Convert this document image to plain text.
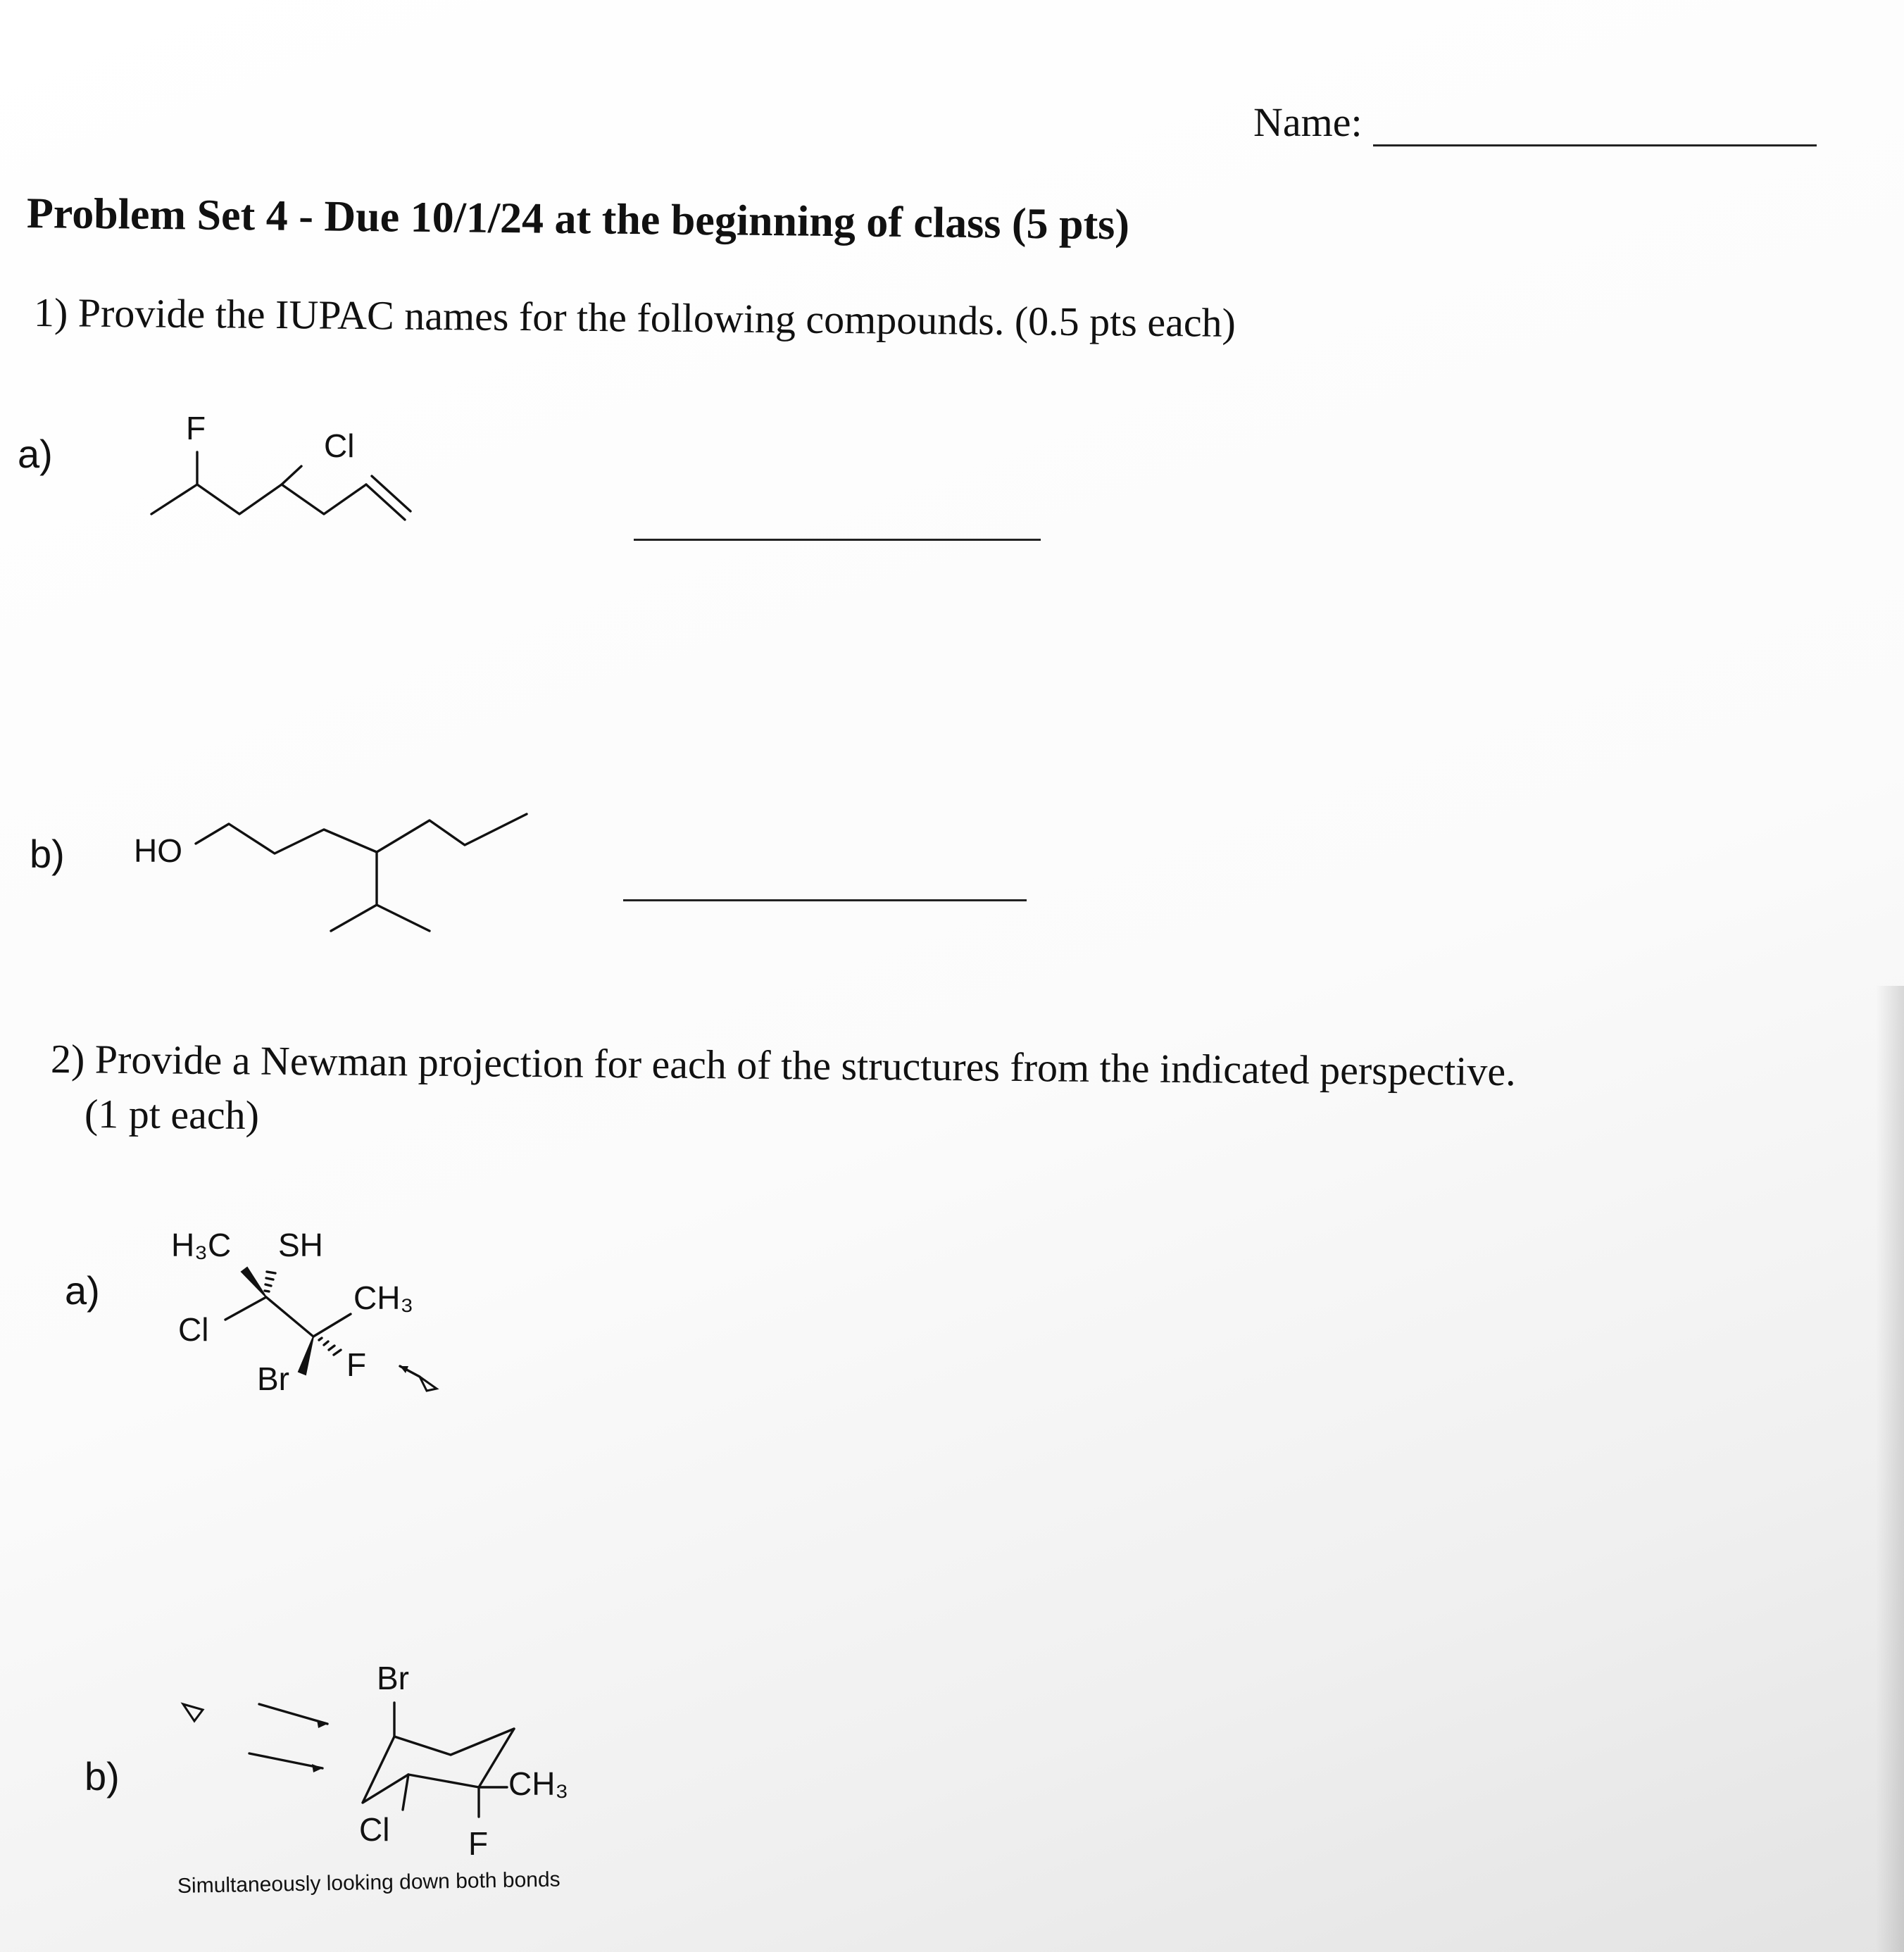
Name:
Problem Set 4 - Due 10/1/24 at the beginning of class (5 pts)
1) Provide the IUPAC names for the following compounds. (0.5 pts each)
a)
F	Cl
b) HO
2) Provide a Newman projection for each of the structures from the indicated perspective.
(1 pt each)
a)
H₃C SH
CH₃
Cl
Br F
b)
Br
CH₃
Cl F
Simultaneously looking down both bonds
